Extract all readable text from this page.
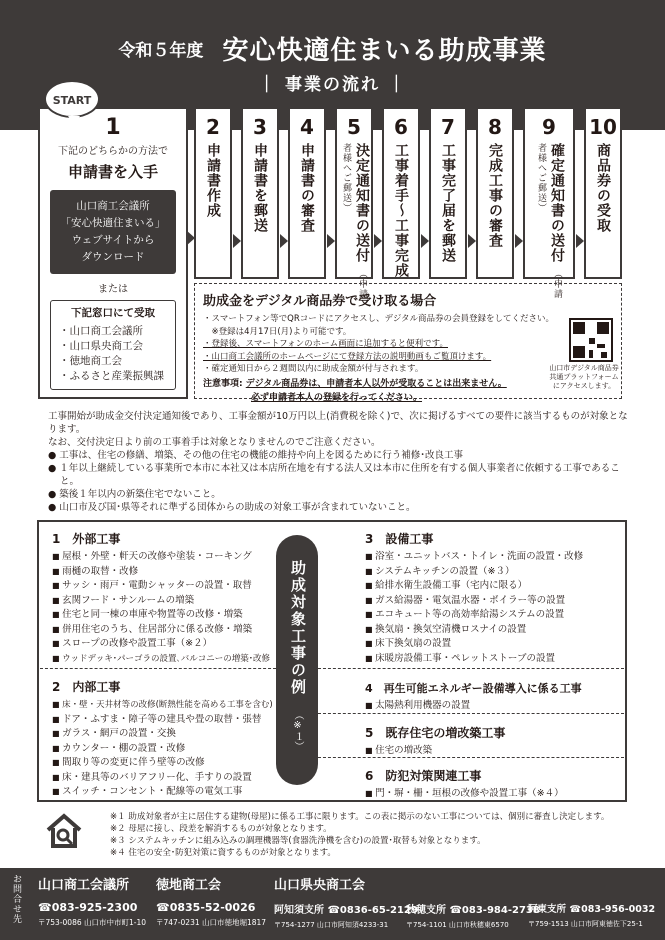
令和５年度 安心快適住まいる助成事業
｜ 事業の流れ ｜
1
下記のどちらかの方法で
申請書を入手
山口商工会議所
「安心快適住まいる」
ウェブサイトから
ダウンロード
または
下記窓口にて受取
・山口商工会議所
・山口県央商工会
・徳地商工会
・ふるさと産業振興課
START
2
申請書作成
3
申請書を郵送
4
申請書の審査
5
決定通知書の送付 （申請者様へご郵送）
6
工事着手〜工事完成
7
工事完了届を郵送
8
完成工事の審査
9
確定通知書の送付 （申請者様へご郵送）
10
商品券の受取
助成金をデジタル商品券で受け取る場合
・スマートフォン等でQRコードにアクセスし、デジタル商品券の会員登録をしてください。
　※登録は4月17日(月)より可能です。
・登録後、スマートフォンのホーム画面に追加すると便利です。
・山口商工会議所のホームページにて登録方法の説明動画もご覧頂けます。
・確定通知日から２週間以内に助成金額が付与されます。
注意事項: デジタル商品券は、申請者本人以外が受取ることは出来ません。
必ず申請者本人の登録を行ってください。
山口市デジタル商品券共通プラットフォームにアクセスします。
工事開始が助成金交付決定通知後であり、工事金額が10万円以上(消費税を除く)で、次に掲げるすべての要件に該当するものが対象となります。
なお、交付決定日より前の工事着手は対象となりませんのでご注意ください。
● 工事は、住宅の修繕、増築、その他の住宅の機能の維持や向上を図るために行う補修･改良工事
● １年以上継続している事業所で本市に本社又は本店所在地を有する法人又は本市に住所を有する個人事業者に依頼する工事であること。
● 築後１年以内の新築住宅でないこと。
● 山口市及び国･県等それに準ずる団体からの助成の対象工事が含まれていないこと。
1　外部工事
■ 屋根・外壁・軒天の改修や塗装・コーキング
■ 雨樋の取替・改修
■ サッシ・雨戸・電動シャッターの設置・取替
■ 玄関フード・サンルームの増築
■ 住宅と同一棟の車庫や物置等の改修・増築
■ 併用住宅のうち、住居部分に係る改修・増築
■ スロープの改修や設置工事（※２）
■ ウッドデッキ･パーゴラの設置､バルコニーの増築･改修
2　内部工事
■ 床・壁・天井材等の改修(断熱性能を高める工事を含む)
■ ドア・ふすま・障子等の建具や畳の取替・張替
■ ガラス・網戸の設置・交換
■ カウンター・棚の設置・改修
■ 間取り等の変更に伴う壁等の改修
■ 床・建具等のバリアフリー化、手すりの設置
■ スイッチ・コンセント・配線等の電気工事
助成対象工事の例
（※１）
3　設備工事
■ 浴室・ユニットバス・トイレ・洗面の設置・改修
■ システムキッチンの設置（※３）
■ 給排水衛生設備工事（宅内に限る）
■ ガス給湯器・電気温水器・ボイラー等の設置
■ エコキュート等の高効率給湯システムの設置
■ 換気扇・換気空清機ロスナイの設置
■ 床下換気扇の設置
■ 床暖房設備工事・ペレットストーブの設置
4　再生可能エネルギー設備導入に係る工事
■ 太陽熱利用機器の設置
5　既存住宅の増改築工事
■ 住宅の増改築
6　防犯対策関連工事
■ 門・塀・柵・垣根の改修や設置工事（※４）
※１ 助成対象者が主に居住する建物(母屋)に係る工事に限ります。この表に掲示のない工事については、個別に審査し決定します。
※２ 母屋に接し、段差を解消するものが対象となります。
※３ システムキッチンに組み込みの調理機器等(食器洗浄機を含む)の設置･取替も対象となります。
※４ 住宅の安全･防犯対策に資するものが対象となります。
お問合せ先 山口商工会議所
☎083-925-2300
〒753-0086 山口市中市町1-10
徳地商工会
☎0835-52-0026
〒747-0231 山口市徳地堀1817
山口県央商工会
阿知須支所 ☎0836-65-2129
〒754-1277 山口市阿知須4233-31
秋穂支所 ☎083-984-2738
〒754-1101 山口市秋穂東6570
阿東支所 ☎083-956-0032
〒759-1513 山口市阿東徳佐下25-1
